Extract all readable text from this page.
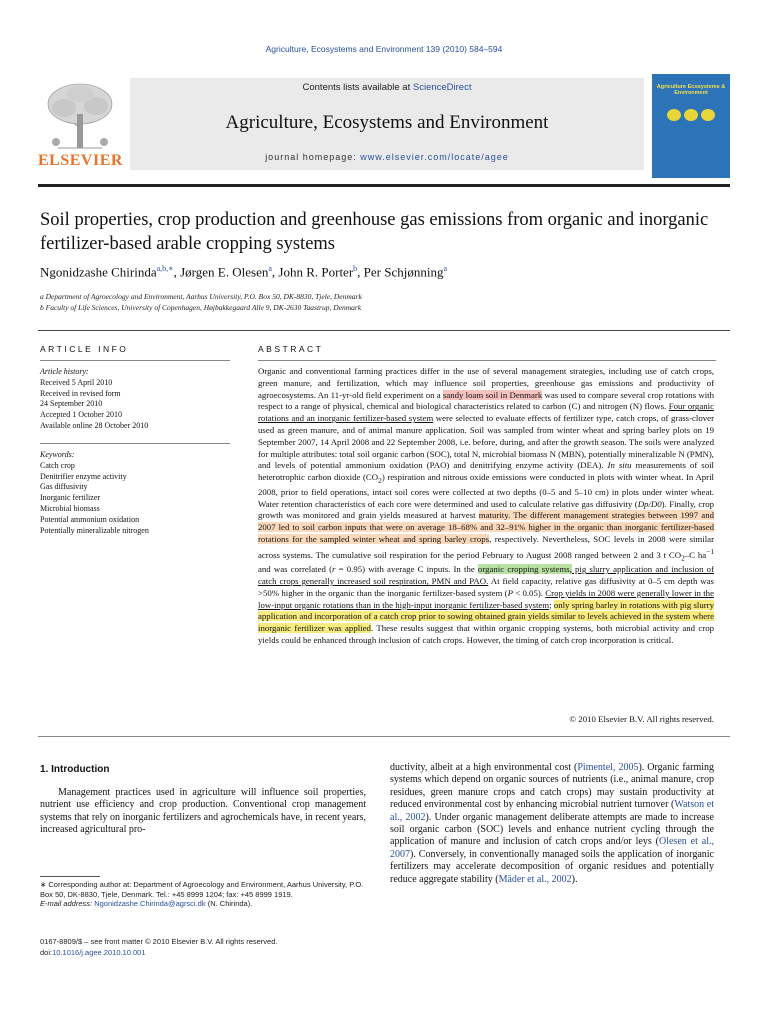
Agriculture, Ecosystems and Environment 139 (2010) 584–594
ELSEVIER
Contents lists available at ScienceDirect
Agriculture, Ecosystems and Environment
journal homepage: www.elsevier.com/locate/agee
Agriculture Ecosystems & Environment
Soil properties, crop production and greenhouse gas emissions from organic and inorganic fertilizer-based arable cropping systems
Ngonidzashe Chirinda$^{a,b,∗}$, Jørgen E. Olesen$^a$, John R. Porter$^b$, Per Schjønning$^a$
a Department of Agroecology and Environment, Aarhus University, P.O. Box 50, DK-8830, Tjele, Denmark
b Faculty of Life Sciences, University of Copenhagen, Højbakkegaard Alle 9, DK-2630 Taastrup, Denmark
ARTICLE INFO	ABSTRACT
Article history:
Received 5 April 2010
Received in revised form
24 September 2010
Accepted 1 October 2010
Available online 28 October 2010
Keywords:
Catch crop
Denitrifier enzyme activity
Gas diffusivity
Inorganic fertilizer
Microbial biomass
Potential ammonium oxidation
Potentially mineralizable nitrogen
Organic and conventional farming practices differ in the use of several management strategies, including use of catch crops, green manure, and fertilization, which may influence soil properties, greenhouse gas emissions and productivity of agroecosystems. An 11-yr-old field experiment on a sandy loam soil in Denmark was used to compare several crop rotations with respect to a range of physical, chemical and biological characteristics related to carbon (C) and nitrogen (N) flows. Four organic rotations and an inorganic fertilizer-based system were selected to evaluate effects of fertilizer type, catch crops, of grass-clover used as green manure, and of animal manure application. Soil was sampled from winter wheat and spring barley plots on 19 September 2007, 14 April 2008 and 22 September 2008, i.e. before, during, and after the growth season. The soils were analyzed for multiple attributes: total soil organic carbon (SOC), total N, microbial biomass N (MBN), potentially mineralizable N (PMN), and levels of potential ammonium oxidation (PAO) and denitrifying enzyme activity (DEA). In situ measurements of soil heterotrophic carbon dioxide $(CO_2)$ respiration and nitrous oxide emissions were conducted in plots with winter wheat. In April 2008, prior to field operations, intact soil cores were collected at two depths (0–5 and 5–10 cm) in plots under winter wheat. Water retention characteristics of each core were determined and used to calculate relative gas diffusivity (Dp/D0). Finally, crop growth was monitored and grain yields measured at harvest maturity. The different management strategies between 1997 and 2007 led to soil carbon inputs that were on average 18–68% and 32–91% higher in the organic than inorganic fertilizer-based rotations for the sampled winter wheat and spring barley crops, respectively. Nevertheless, SOC levels in 2008 were similar across systems. The cumulative soil respiration for the period February to August 2008 ranged between 2 and 3 t $CO_2-C$ $ha^{-1}$ and was correlated (r = 0.95) with average C inputs. In the organic cropping systems, pig slurry application and inclusion of catch crops generally increased soil respiration, PMN and PAO. At field capacity, relative gas diffusivity at 0–5 cm depth was >50% higher in the organic than the inorganic fertilizer-based system (P < 0.05). Crop yields in 2008 were generally lower in the low-input organic rotations than in the high-input inorganic fertilizer-based system; only spring barley in rotations with pig slurry application and incorporation of a catch crop prior to sowing obtained grain yields similar to levels achieved in the system where inorganic fertilizer was applied. These results suggest that within organic cropping systems, both microbial activity and crop yields could be enhanced through inclusion of catch crops. However, the timing of catch crop incorporation is critical.
© 2010 Elsevier B.V. All rights reserved.
1. Introduction
Management practices used in agriculture will influence soil properties, nutrient use efficiency and crop production. Conventional crop management systems that rely on inorganic fertilizers and agrochemicals have, in recent years, increased agricultural pro-
ductivity, albeit at a high environmental cost (Pimentel, 2005). Organic farming systems which depend on organic sources of nutrients (i.e., animal manure, crop residues, green manure crops and catch crops) may sustain productivity at reduced environmental cost by enhancing microbial nutrient turnover (Watson et al., 2002). Under organic management deliberate attempts are made to increase soil organic carbon (SOC) levels and enhance nutrient cycling through the application of manure and inclusion of catch crops and/or leys (Olesen et al., 2007). Conversely, in conventionally managed soils the application of inorganic fertilizers may accelerate decomposition of organic residues and potentially reduce aggregate stability (Mäder et al., 2002).
∗ Corresponding author at: Department of Agroecology and Environment, Aarhus University, P.O. Box 50, DK-8830, Tjele, Denmark. Tel.: +45 8999 1204; fax: +45 8999 1919.
E-mail address: Ngonidzashe.Chirinda@agrsci.dk (N. Chirinda).
0167-8809/$ – see front matter © 2010 Elsevier B.V. All rights reserved.
doi:10.1016/j.agee.2010.10.001
